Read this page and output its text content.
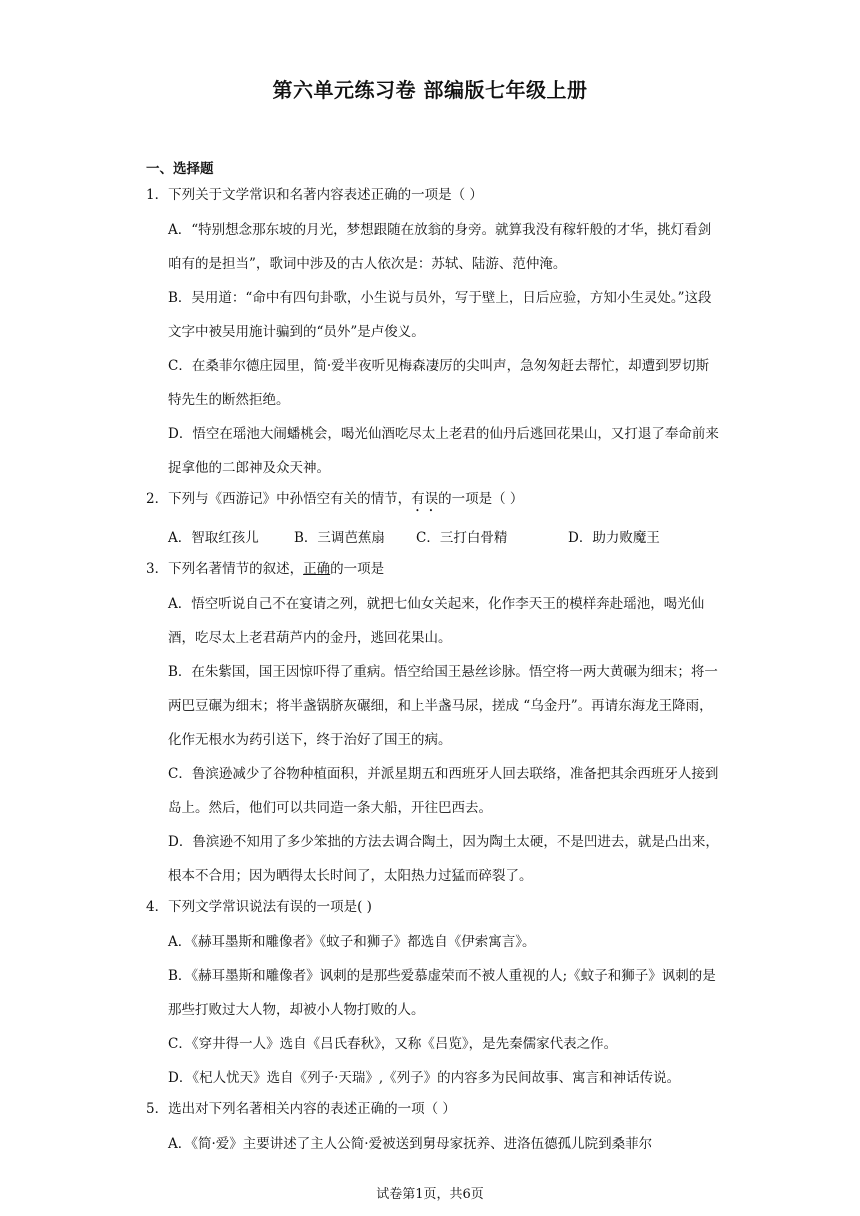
第六单元练习卷 部编版七年级上册
一、选择题

1．下列关于文学常识和名著内容表述正确的一项是（ ）

A．“特别想念那东坡的月光，梦想跟随在放翁的身旁。就算我没有稼轩般的才华，挑灯看剑咱有的是担当”，歌词中涉及的古人依次是：苏轼、陆游、范仲淹。

B．吴用道：“命中有四句卦歌，小生说与员外，写于壁上，日后应验，方知小生灵处。”这段文字中被吴用施计骗到的“员外”是卢俊义。

C．在桑菲尔德庄园里，简·爱半夜听见梅森凄厉的尖叫声，急匆匆赶去帮忙，却遭到罗切斯特先生的断然拒绝。

D．悟空在瑶池大闹蟠桃会，喝光仙酒吃尽太上老君的仙丹后逃回花果山，又打退了奉命前来捉拿他的二郎神及众天神。

2．下列与《西游记》中孙悟空有关的情节，有误的一项是（ ）

A．智取红孩儿	B．三调芭蕉扇	C．三打白骨精	D．助力败魔王

3．下列名著情节的叙述，正确的一项是

A．悟空听说自己不在宴请之列，就把七仙女关起来，化作李天王的模样奔赴瑶池，喝光仙酒，吃尽太上老君葫芦内的金丹，逃回花果山。

B．在朱紫国，国王因惊吓得了重病。悟空给国王悬丝诊脉。悟空将一两大黄碾为细末；将一两巴豆碾为细末；将半盏锅脐灰碾细，和上半盏马尿，搓成 “乌金丹”。再请东海龙王降雨，化作无根水为药引送下，终于治好了国王的病。

C．鲁滨逊减少了谷物种植面积，并派星期五和西班牙人回去联络，准备把其余西班牙人接到岛上。然后，他们可以共同造一条大船，开往巴西去。

D．鲁滨逊不知用了多少笨拙的方法去调合陶土，因为陶土太硬，不是凹进去，就是凸出来，根本不合用；因为晒得太长时间了，太阳热力过猛而碎裂了。

4．下列文学常识说法有误的一项是( )

A．《赫耳墨斯和雕像者》《蚊子和狮子》都选自《伊索寓言》。

B．《赫耳墨斯和雕像者》讽刺的是那些爱慕虚荣而不被人重视的人;《蚊子和狮子》讽刺的是那些打败过大人物，却被小人物打败的人。

C．《穿井得一人》选自《吕氏春秋》，又称《吕览》，是先秦儒家代表之作。

D．《杞人忧天》选自《列子·天瑞》,《列子》的内容多为民间故事、寓言和神话传说。

5．选出对下列名著相关内容的表述正确的一项（ ）

A．《简·爱》主要讲述了主人公简·爱被送到舅母家抚养、进洛伍德孤儿院到桑菲尔

试卷第1页，共6页
